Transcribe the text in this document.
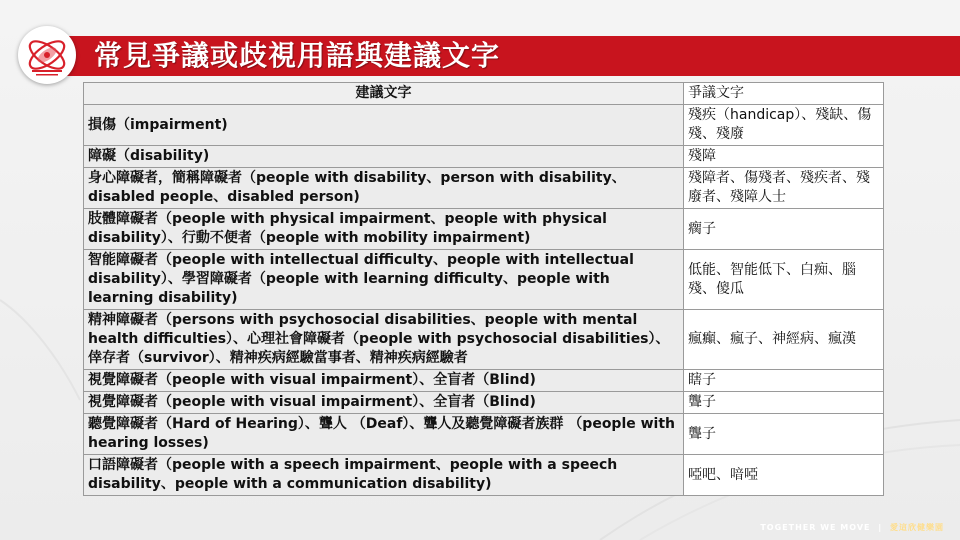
常見爭議或歧視用語與建議文字
建議文字	爭議文字
損傷（impairment)	殘疾（handicap）、殘缺、傷殘、殘廢
障礙（disability)	殘障
身心障礙者，簡稱障礙者（people with disability、person with disability、disabled people、disabled person)	殘障者、傷殘者、殘疾者、殘廢者、殘障人士
肢體障礙者（people with physical impairment、people with physical disability）、行動不便者（people with mobility impairment)	瘸子
智能障礙者（people with intellectual difficulty、people with intellectual disability）、學習障礙者（people with learning difficulty、people with learning disability)	低能、智能低下、白痴、腦殘、傻瓜
精神障礙者（persons with psychosocial disabilities、people with mental health difficulties）、心理社會障礙者（people with psychosocial disabilities）、倖存者（survivor）、精神疾病經驗當事者、精神疾病經驗者	瘋癲、瘋子、神經病、瘋漢
視覺障礙者（people with visual impairment）、全盲者（Blind)	瞎子
視覺障礙者（people with visual impairment）、全盲者（Blind)	聾子
聽覺障礙者（Hard of Hearing）、聾人 （Deaf）、聾人及聽覺障礙者族群 （people with hearing losses)	聾子
口語障礙者（people with a speech impairment、people with a speech disability、people with a communication disability)	啞吧、喑啞
TOGETHER WE MOVE | 愛這欣健樂園
